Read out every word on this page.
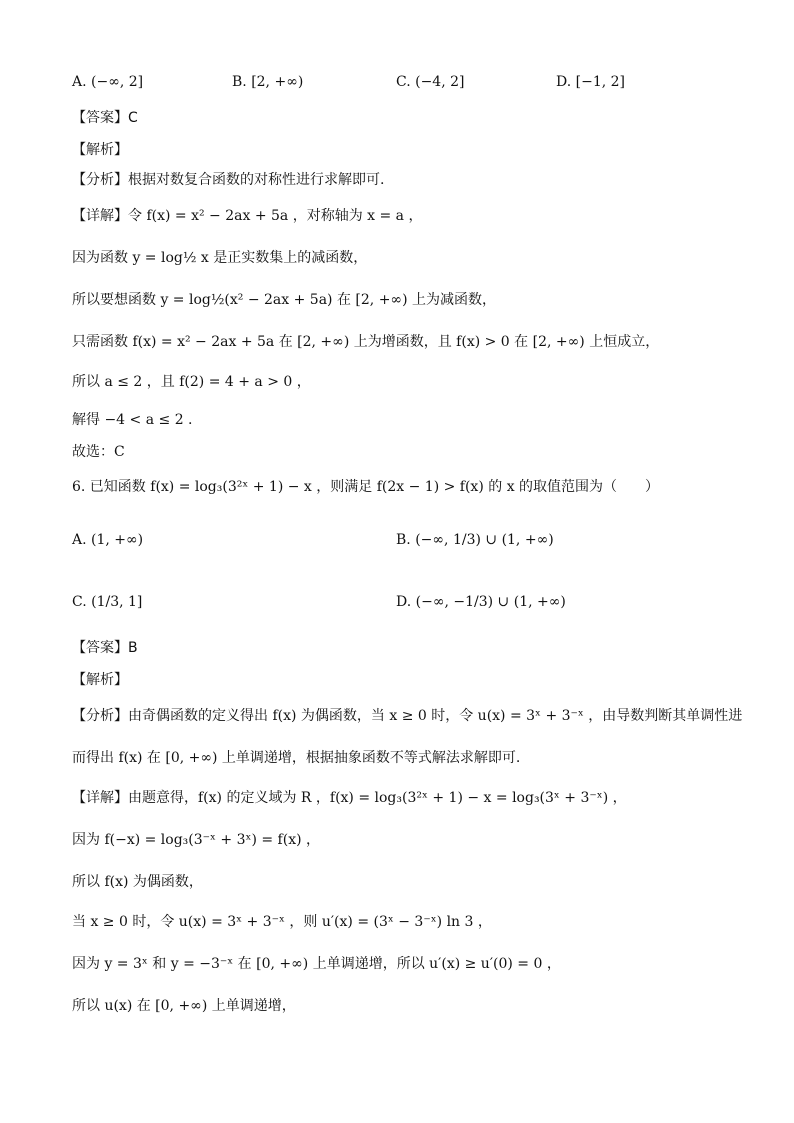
A. (−∞, 2]	B. [2, +∞)	C. (−4, 2]	D. [−1, 2]
【答案】C
【解析】
【分析】根据对数复合函数的对称性进行求解即可.
【详解】令 f(x) = x² − 2ax + 5a ，对称轴为 x = a ，
因为函数 y = log½ x 是正实数集上的减函数，
所以要想函数 y = log½(x² − 2ax + 5a) 在 [2, +∞) 上为减函数，
只需函数 f(x) = x² − 2ax + 5a 在 [2, +∞) 上为增函数，且 f(x) > 0 在 [2, +∞) 上恒成立，
所以 a ≤ 2 ，且 f(2) = 4 + a > 0 ，
解得 −4 < a ≤ 2 .
故选：C
6. 已知函数 f(x) = log₃(3²ˣ + 1) − x ，则满足 f(2x − 1) > f(x) 的 x 的取值范围为（　　）
A. (1, +∞)	B. (−∞, 1/3) ∪ (1, +∞)
C. (1/3, 1]	D. (−∞, −1/3) ∪ (1, +∞)
【答案】B
【解析】
【分析】由奇偶函数的定义得出 f(x) 为偶函数，当 x ≥ 0 时，令 u(x) = 3ˣ + 3⁻ˣ ，由导数判断其单调性进
而得出 f(x) 在 [0, +∞) 上单调递增，根据抽象函数不等式解法求解即可.
【详解】由题意得，f(x) 的定义域为 R ，f(x) = log₃(3²ˣ + 1) − x = log₃(3ˣ + 3⁻ˣ) ，
因为 f(−x) = log₃(3⁻ˣ + 3ˣ) = f(x) ，
所以 f(x) 为偶函数，
当 x ≥ 0 时，令 u(x) = 3ˣ + 3⁻ˣ ，则 u′(x) = (3ˣ − 3⁻ˣ) ln 3 ，
因为 y = 3ˣ 和 y = −3⁻ˣ 在 [0, +∞) 上单调递增，所以 u′(x) ≥ u′(0) = 0 ，
所以 u(x) 在 [0, +∞) 上单调递增，
